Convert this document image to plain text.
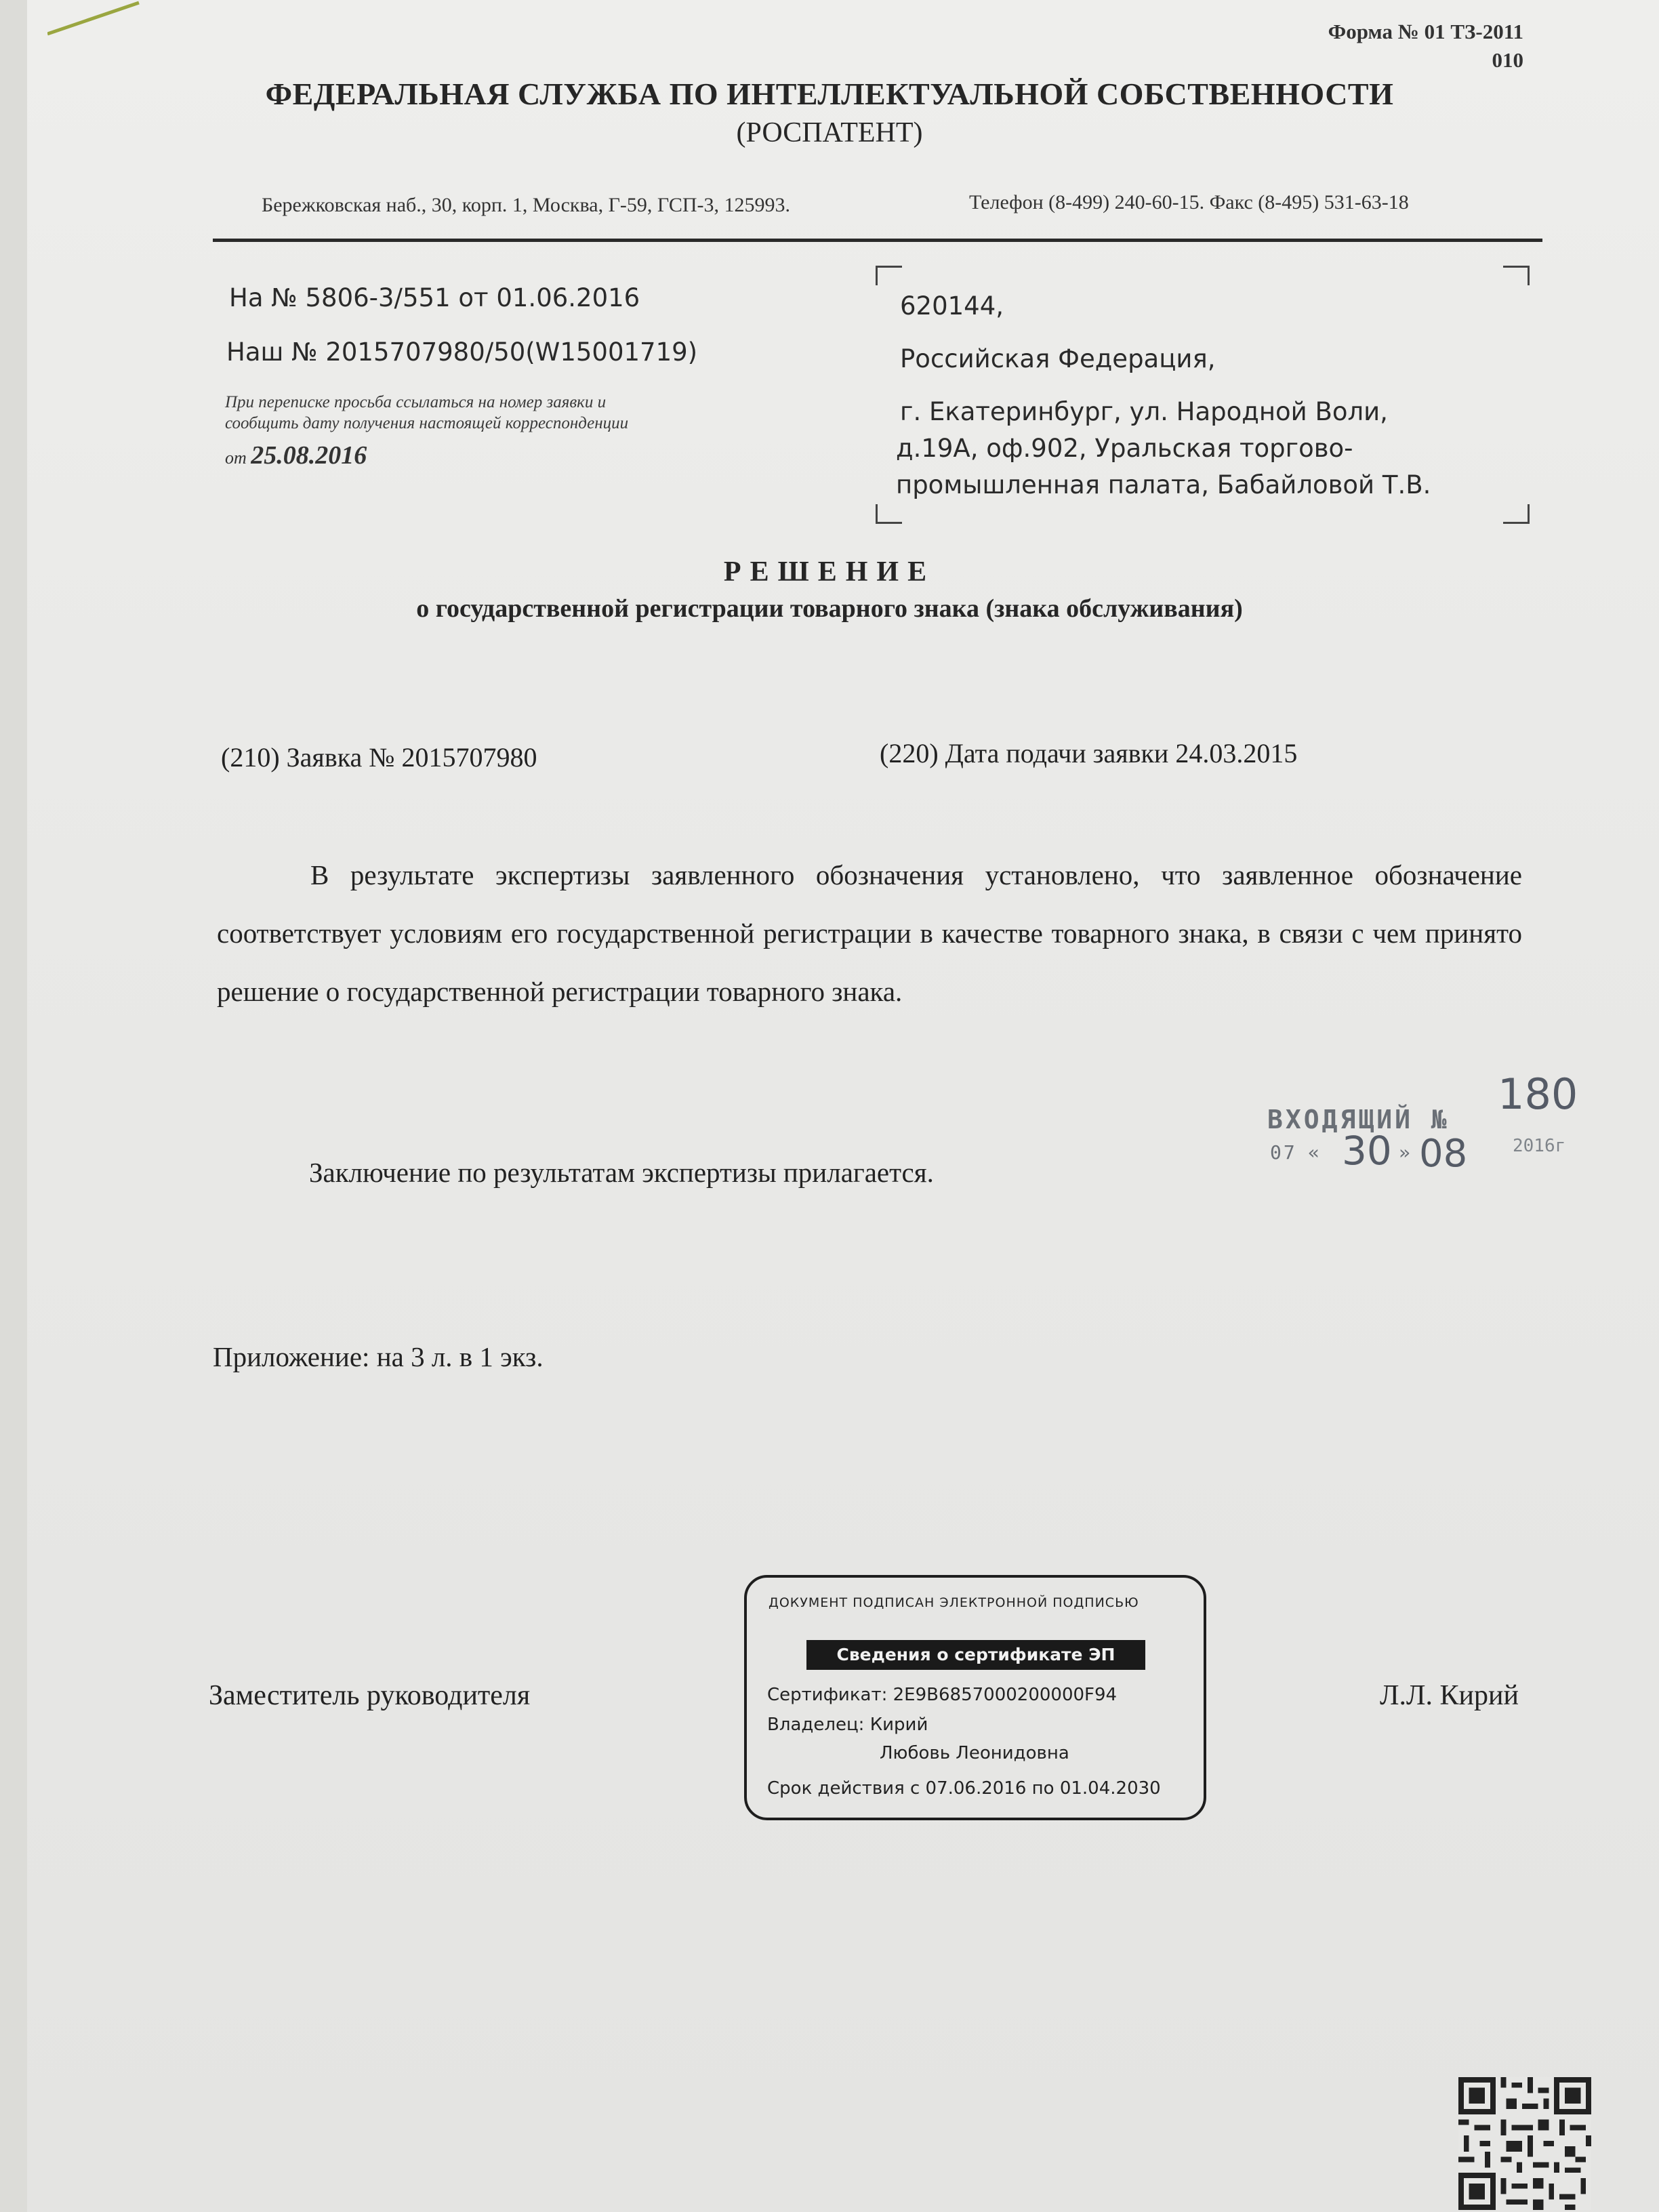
Форма № 01 ТЗ-2011
010
ФЕДЕРАЛЬНАЯ СЛУЖБА ПО ИНТЕЛЛЕКТУАЛЬНОЙ СОБСТВЕННОСТИ
(РОСПАТЕНТ)
Бережковская наб., 30, корп. 1, Москва, Г-59, ГСП-3, 125993.	Телефон (8-499) 240-60-15. Факс (8-495) 531-63-18
На № 5806-3/551 от 01.06.2016
Наш № 2015707980/50(W15001719)
При переписке просьба ссылаться на номер заявки и
сообщить дату получения настоящей корреспонденции
от 25.08.2016
620144,
Российская Федерация,
г. Екатеринбург, ул. Народной Воли,
д.19А, оф.902, Уральская торгово-
промышленная палата, Бабайловой Т.В.
РЕШЕНИЕ
о государственной регистрации товарного знака (знака обслуживания)
(210) Заявка № 2015707980	(220) Дата подачи заявки 24.03.2015
В результате экспертизы заявленного обозначения установлено, что заявленное обозначение соответствует условиям его государственной регистрации в качестве товарного знака, в связи с чем принято решение о государственной регистрации товарного знака.
ВХОДЯЩИЙ №
180
07 « 30 » 08	2016г
Заключение по результатам экспертизы прилагается.
Приложение: на 3 л. в 1 экз.
Заместитель руководителя	Л.Л. Кирий
ДОКУМЕНТ ПОДПИСАН ЭЛЕКТРОННОЙ ПОДПИСЬЮ
Сведения о сертификате ЭП
Сертификат: 2E9B6857000200000F94
Владелец: Кирий
Любовь Леонидовна
Срок действия с 07.06.2016 по 01.04.2030
